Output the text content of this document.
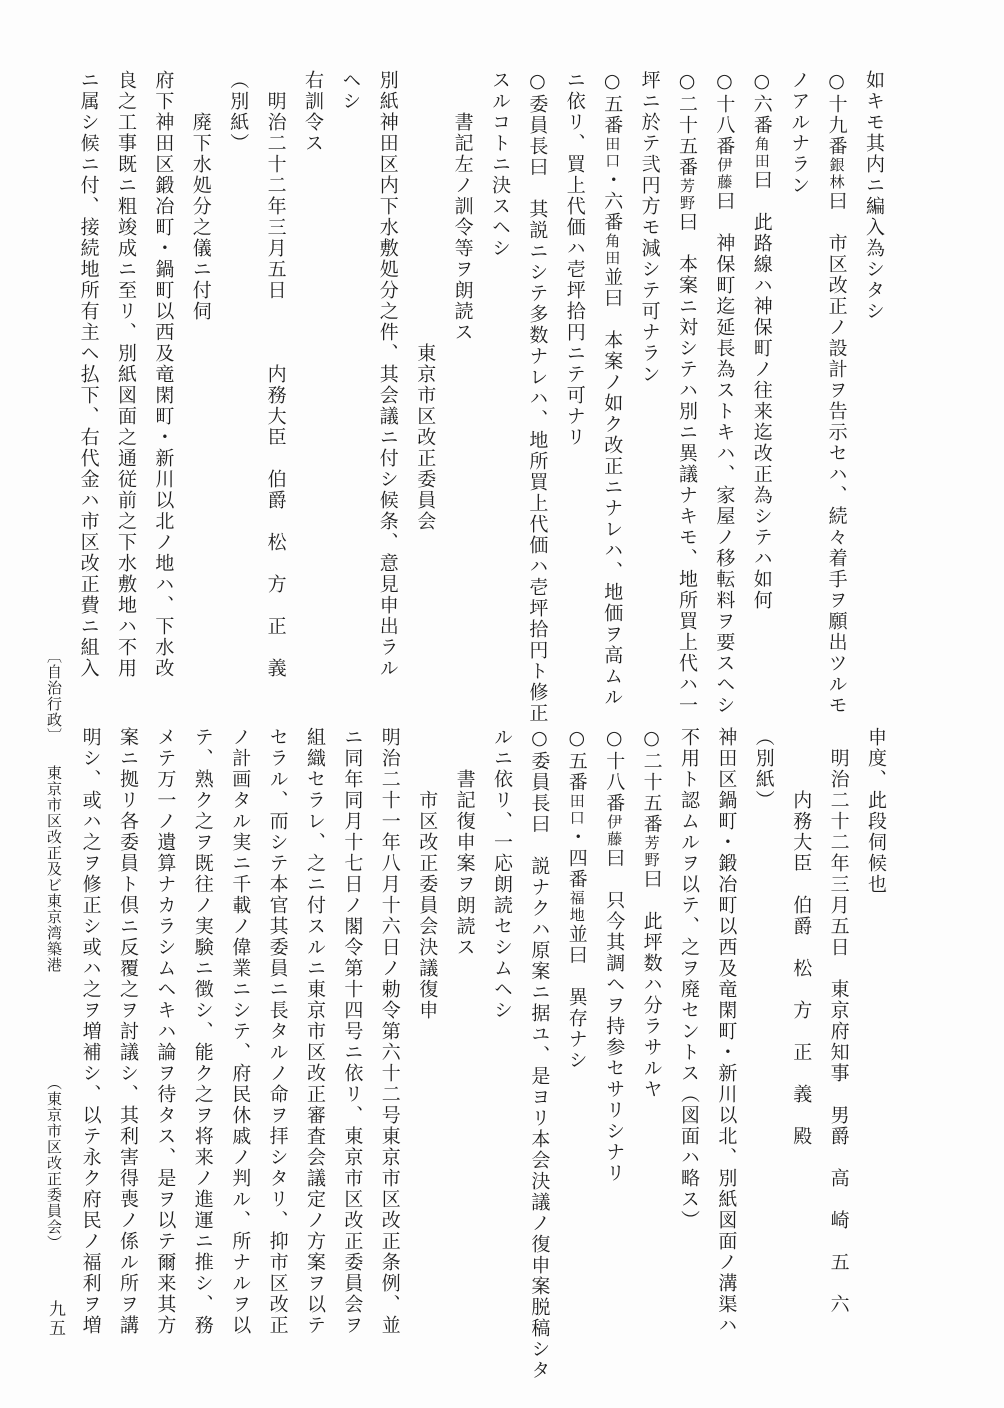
如キモ其内ニ編入為シタシ
○十九番銀林曰　市区改正ノ設計ヲ告示セハ、続々着手ヲ願出ツルモ
ノアルナラン
○六番角田曰　此路線ハ神保町ノ往来迄改正為シテハ如何
○十八番伊藤曰　神保町迄延長為ストキハ、家屋ノ移転料ヲ要スヘシ
○二十五番芳野曰　本案ニ対シテハ別ニ異議ナキモ、地所買上代ハ一
坪ニ於テ弐円方モ減シテ可ナラン
○五番田口・六番角田並曰　本案ノ如ク改正ニナレハ、地価ヲ高ムル
ニ依リ、買上代価ハ壱坪拾円ニテ可ナリ
○委員長曰　其説ニシテ多数ナレハ、地所買上代価ハ壱坪拾円ト修正
スルコトニ決スヘシ
　　書記左ノ訓令等ヲ朗読ス
　　　　　　　　　　　　　東京市区改正委員会
別紙神田区内下水敷処分之件、其会議ニ付シ候条、意見申出ラル
ヘシ
右訓令ス
　明治二十二年三月五日　　　内務大臣　伯爵　松　方　正　義
（別紙）
　　廃下水処分之儀ニ付伺
府下神田区鍛冶町・鍋町以西及竜閑町・新川以北ノ地ハ、下水改
良之工事既ニ粗竣成ニ至リ、別紙図面之通従前之下水敷地ハ不用
ニ属シ候ニ付、接続地所有主ヘ払下、右代金ハ市区改正費ニ組入
申度、此段伺候也
　明治二十二年三月五日　東京府知事　男爵　高　崎　五　六
　　　内務大臣　伯爵　松　方　正　義　殿
（別紙）
神田区鍋町・鍛冶町以西及竜閑町・新川以北、別紙図面ノ溝渠ハ
不用ト認ムルヲ以テ、之ヲ廃セントス（図面ハ略ス）
○二十五番芳野曰　此坪数ハ分ラサルヤ
○十八番伊藤曰　只今其調ヘヲ持参セサリシナリ
○五番田口・四番福地並曰　異存ナシ
○委員長曰　説ナクハ原案ニ据ユ、是ヨリ本会決議ノ復申案脱稿シタ
ルニ依リ、一応朗読セシムヘシ
　　書記復申案ヲ朗読ス
　　　市区改正委員会決議復申
明治二十一年八月十六日ノ勅令第六十二号東京市区改正条例、並
ニ同年同月十七日ノ閣令第十四号ニ依リ、東京市区改正委員会ヲ
組織セラレ、之ニ付スルニ東京市区改正審査会議定ノ方案ヲ以テ
セラル、而シテ本官其委員ニ長タルノ命ヲ拝シタリ、抑市区改正
ノ計画タル実ニ千載ノ偉業ニシテ、府民休戚ノ判ル、所ナルヲ以
テ、熟ク之ヲ既往ノ実験ニ徴シ、能ク之ヲ将来ノ進運ニ推シ、務
メテ万一ノ遺算ナカラシムヘキハ論ヲ待タス、是ヲ以テ爾来其方
案ニ拠リ各委員ト倶ニ反覆之ヲ討議シ、其利害得喪ノ係ル所ヲ講
明シ、或ハ之ヲ修正シ或ハ之ヲ増補シ、以テ永ク府民ノ福利ヲ増
〔自治行政〕
東京市区改正及ビ東京湾築港
（東京市区改正委員会）
九五
